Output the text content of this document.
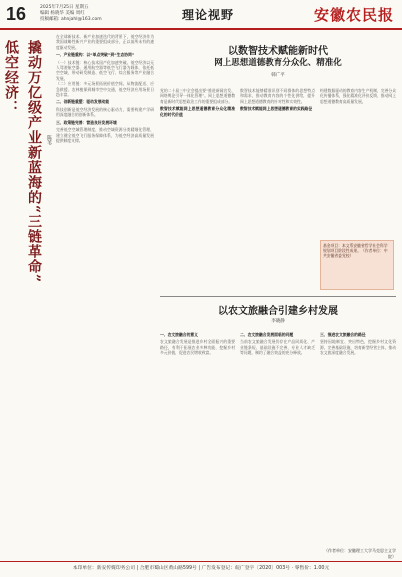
16	2025年7月25日 星期五
编辑 杨晓华 美编 周红
投稿邮箱: ahnjahl@163.com	理论视野	安徽农民报
低空经济： 撬动万亿级产业新蓝海的“三链革命” 陈苇
在全球新技术、新产业加速迭代的背景下，低空经济作为我国战略性新兴产业的重要组成部分，正以前所未有的速度驱动发展。
一、产业链重构：以“单点突破”到“生态协同”
（一）技术链：核心技术国产化加速突破。低空经济以无人驾驶航空器、通用航空器等低空飞行器为载体，依托低空空域，带动研发制造、低空飞行、综合服务等产业融合发展。
（二）应用链：多元场景拓展价值空间。从物流配送、应急救援、农林植保到城市空中交通，低空经济应用场景日趋丰富。
二、创新链重塑：驱动发展动能
科技创新是低空经济发展的核心驱动力，需要构建产学研用深度融合的创新体系。
三、政策链完善：营造良好发展环境
完善低空空域管理制度，推动空域资源分类精细化管理，建立健全低空飞行服务保障体系，为低空经济高质量发展提供制度支撑。
以数智技术赋能新时代
网上思想道德教育分众化、精准化
韩广平
党的二十届三中全会提出要“推进新闻宣发、网络舆论引导一体化管理”。网上思想道德教育是新时代思想政治工作的重要组成部分。
数智技术赋能网上思想道德教育分众化精准化的时代价值
数智技术能够精准识别不同群体的思想特点和需求，推动教育内容的个性化供给，提升网上思想道德教育的针对性和实效性。
数智技术赋能网上思想道德教育的实践路径
构建数据驱动的教育内容生产机制，完善分众化传播体系，强化精准化评价反馈，推动网上思想道德教育高质量发展。
基金项目：本文系安徽省哲学社会科学规划项目阶段性成果。（作者单位：中共安徽省委党校）
以农文旅融合引建乡村发展
李晓静
一、农文旅融合的意义
农文旅融合发展是推进乡村全面振兴的重要路径，有利于拓展农业多种功能、挖掘乡村多元价值，促进农民增收致富。
二、农文旅融合发展面临的问题
当前农文旅融合发展仍存在产品同质化、产业链条短、基础设施不完善、专业人才缺乏等问题，制约了融合效益的充分释放。
三、推进农文旅融合的路径
坚持因地制宜、突出特色，挖掘乡村文化资源，完善基础设施，培育新型经营主体，推动农文旅深度融合发展。
（作者单位：安徽理工大学马克思主义学院）
本印单位：新安传媒印务公司 | 合肥市蜀山区黄山路599号 | 广告发布登记：皖广登字〔2020〕003号 · 零售价：1.00元
